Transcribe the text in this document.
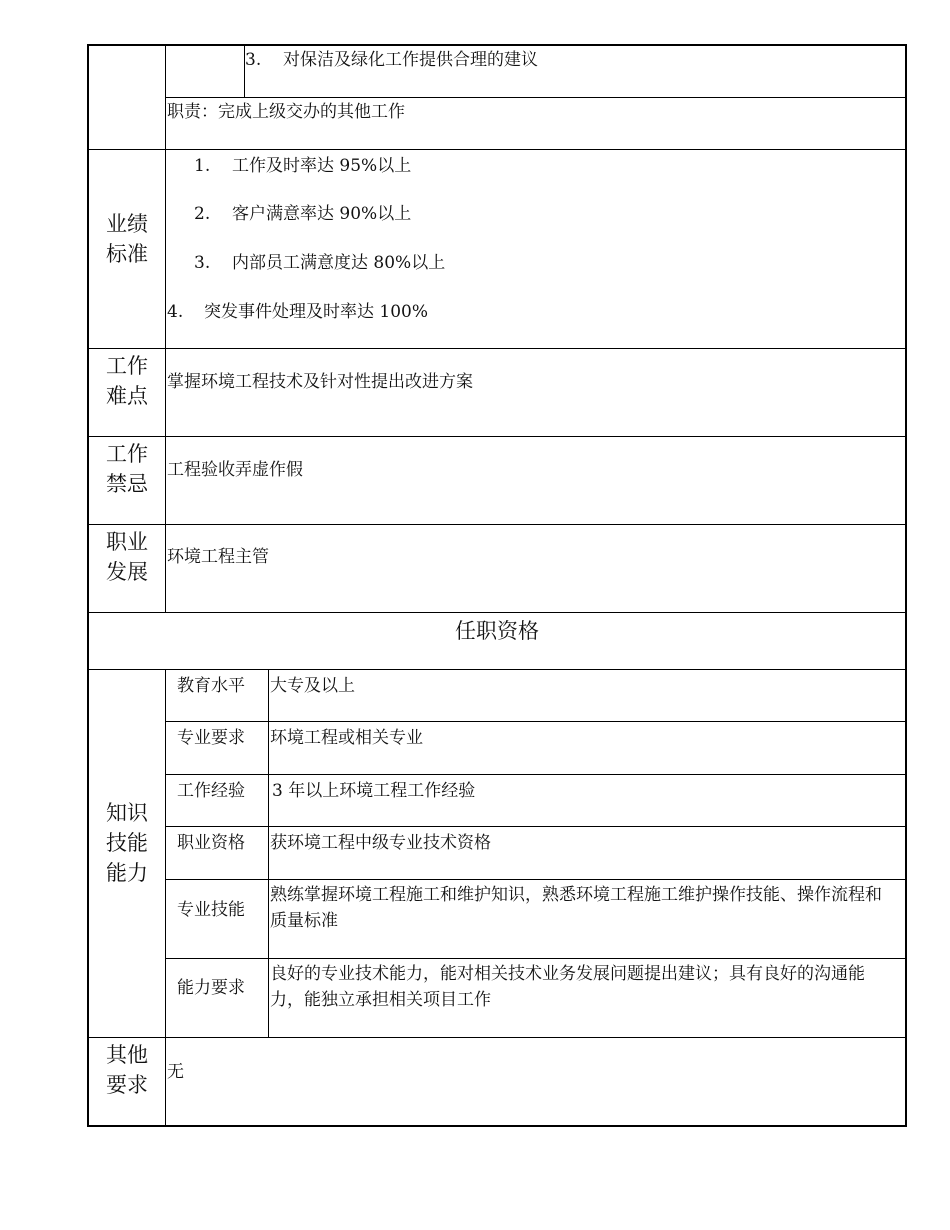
3. 对保洁及绿化工作提供合理的建议
职责：完成上级交办的其他工作
业绩
标准
1. 工作及时率达 95%以上
2. 客户满意率达 90%以上
3. 内部员工满意度达 80%以上
4. 突发事件处理及时率达 100%
工作
难点
掌握环境工程技术及针对性提出改进方案
工作
禁忌
工程验收弄虚作假
职业
发展
环境工程主管
任职资格
知识
技能
能力
教育水平 大专及以上
专业要求 环境工程或相关专业
工作经验 3 年以上环境工程工作经验
职业资格 获环境工程中级专业技术资格
专业技能
熟练掌握环境工程施工和维护知识，熟悉环境工程施工维护操作技能、操作流程和质量标准
能力要求
良好的专业技术能力，能对相关技术业务发展问题提出建议；具有良好的沟通能力，能独立承担相关项目工作
其他
要求
无
